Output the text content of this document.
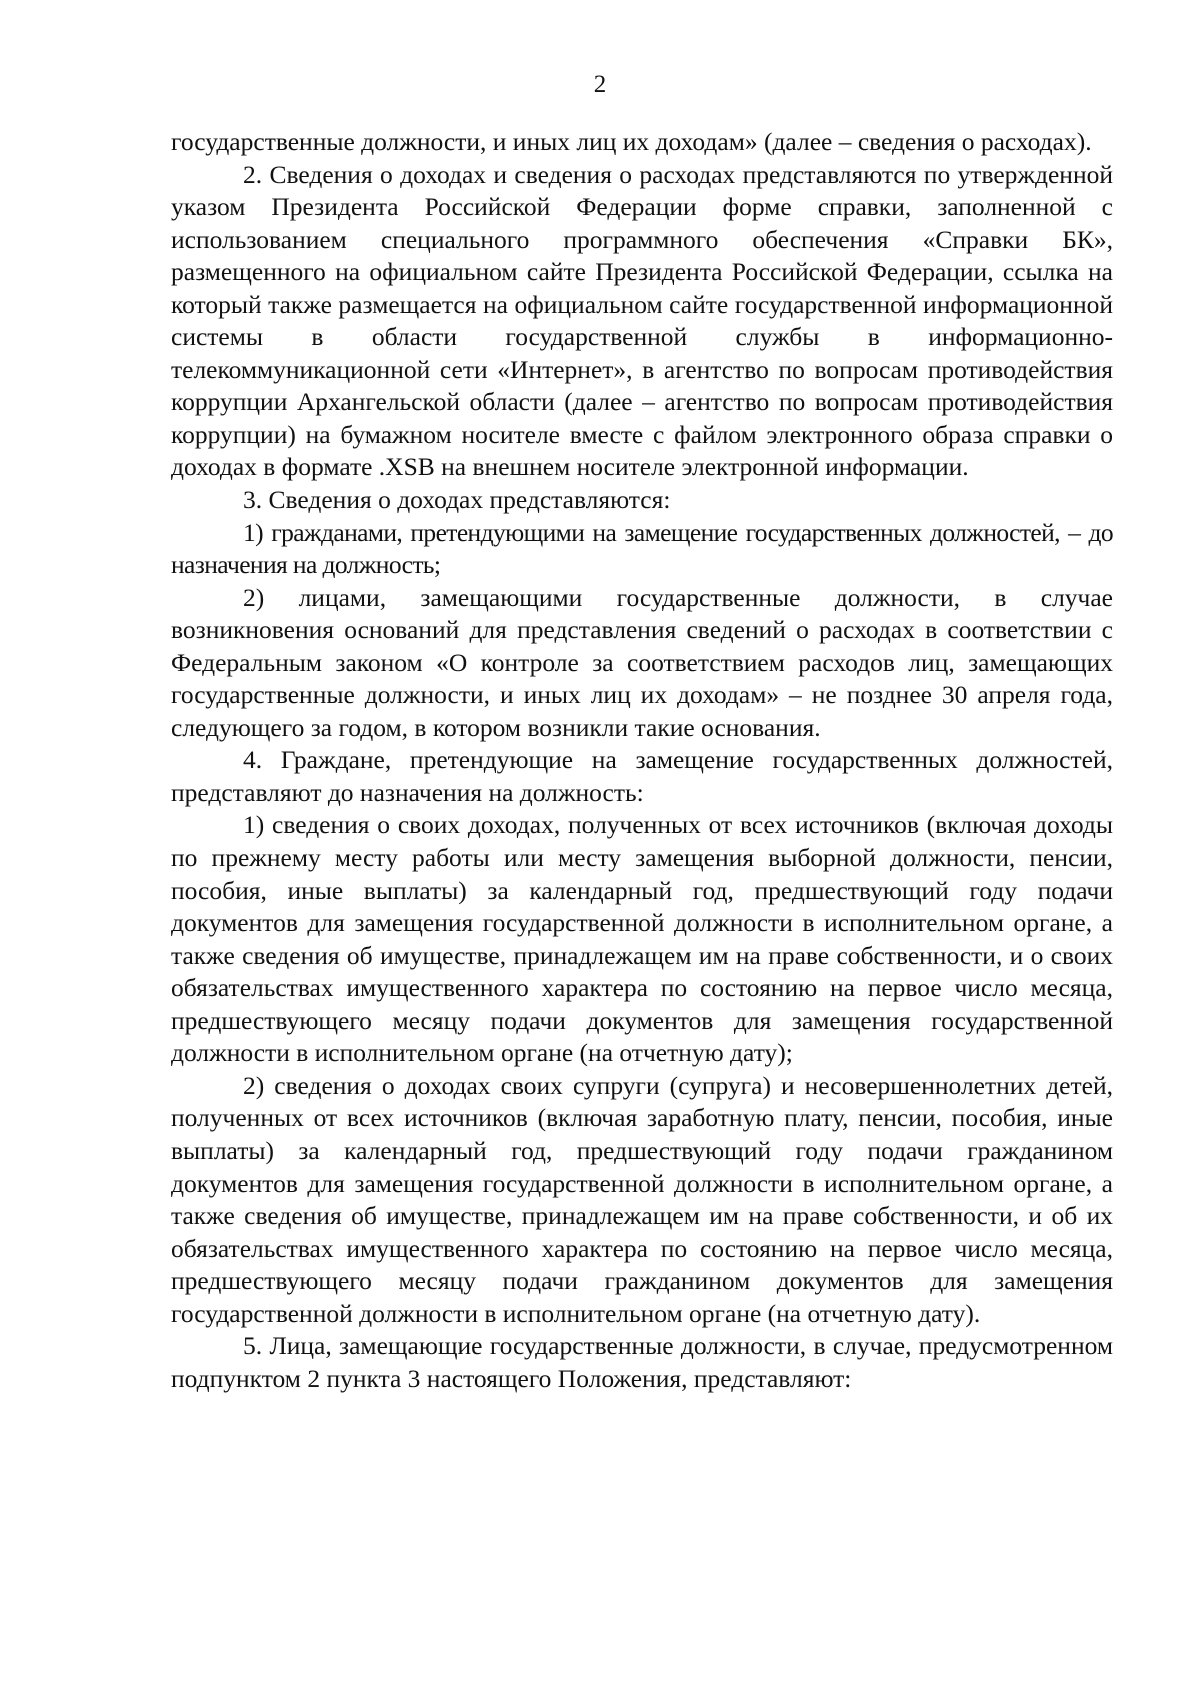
2

государственные должности, и иных лиц их доходам» (далее – сведения о расходах).

2. Сведения о доходах и сведения о расходах представляются по утвержденной указом Президента Российской Федерации форме справки, заполненной с использованием специального программного обеспечения «Справки БК», размещенного на официальном сайте Президента Российской Федерации, ссылка на который также размещается на официальном сайте государственной информационной системы в области государственной службы в информационно-телекоммуникационной сети «Интернет», в агентство по вопросам противодействия коррупции Архангельской области (далее – агентство по вопросам противодействия коррупции) на бумажном носителе вместе с файлом электронного образа справки о доходах в формате .XSB на внешнем носителе электронной информации.

3. Сведения о доходах представляются:

1) гражданами, претендующими на замещение государственных должностей, – до назначения на должность;

2) лицами, замещающими государственные должности, в случае возникновения оснований для представления сведений о расходах в соответствии с Федеральным законом «О контроле за соответствием расходов лиц, замещающих государственные должности, и иных лиц их доходам» – не позднее 30 апреля года, следующего за годом, в котором возникли такие основания.

4. Граждане, претендующие на замещение государственных должностей, представляют до назначения на должность:

1) сведения о своих доходах, полученных от всех источников (включая доходы по прежнему месту работы или месту замещения выборной должности, пенсии, пособия, иные выплаты) за календарный год, предшествующий году подачи документов для замещения государственной должности в исполнительном органе, а также сведения об имуществе, принадлежащем им на праве собственности, и о своих обязательствах имущественного характера по состоянию на первое число месяца, предшествующего месяцу подачи документов для замещения государственной должности в исполнительном органе (на отчетную дату);

2) сведения о доходах своих супруги (супруга) и несовершеннолетних детей, полученных от всех источников (включая заработную плату, пенсии, пособия, иные выплаты) за календарный год, предшествующий году подачи гражданином документов для замещения государственной должности в исполнительном органе, а также сведения об имуществе, принадлежащем им на праве собственности, и об их обязательствах имущественного характера по состоянию на первое число месяца, предшествующего месяцу подачи гражданином документов для замещения государственной должности в исполнительном органе (на отчетную дату).

5. Лица, замещающие государственные должности, в случае, предусмотренном подпунктом 2 пункта 3 настоящего Положения, представляют:
